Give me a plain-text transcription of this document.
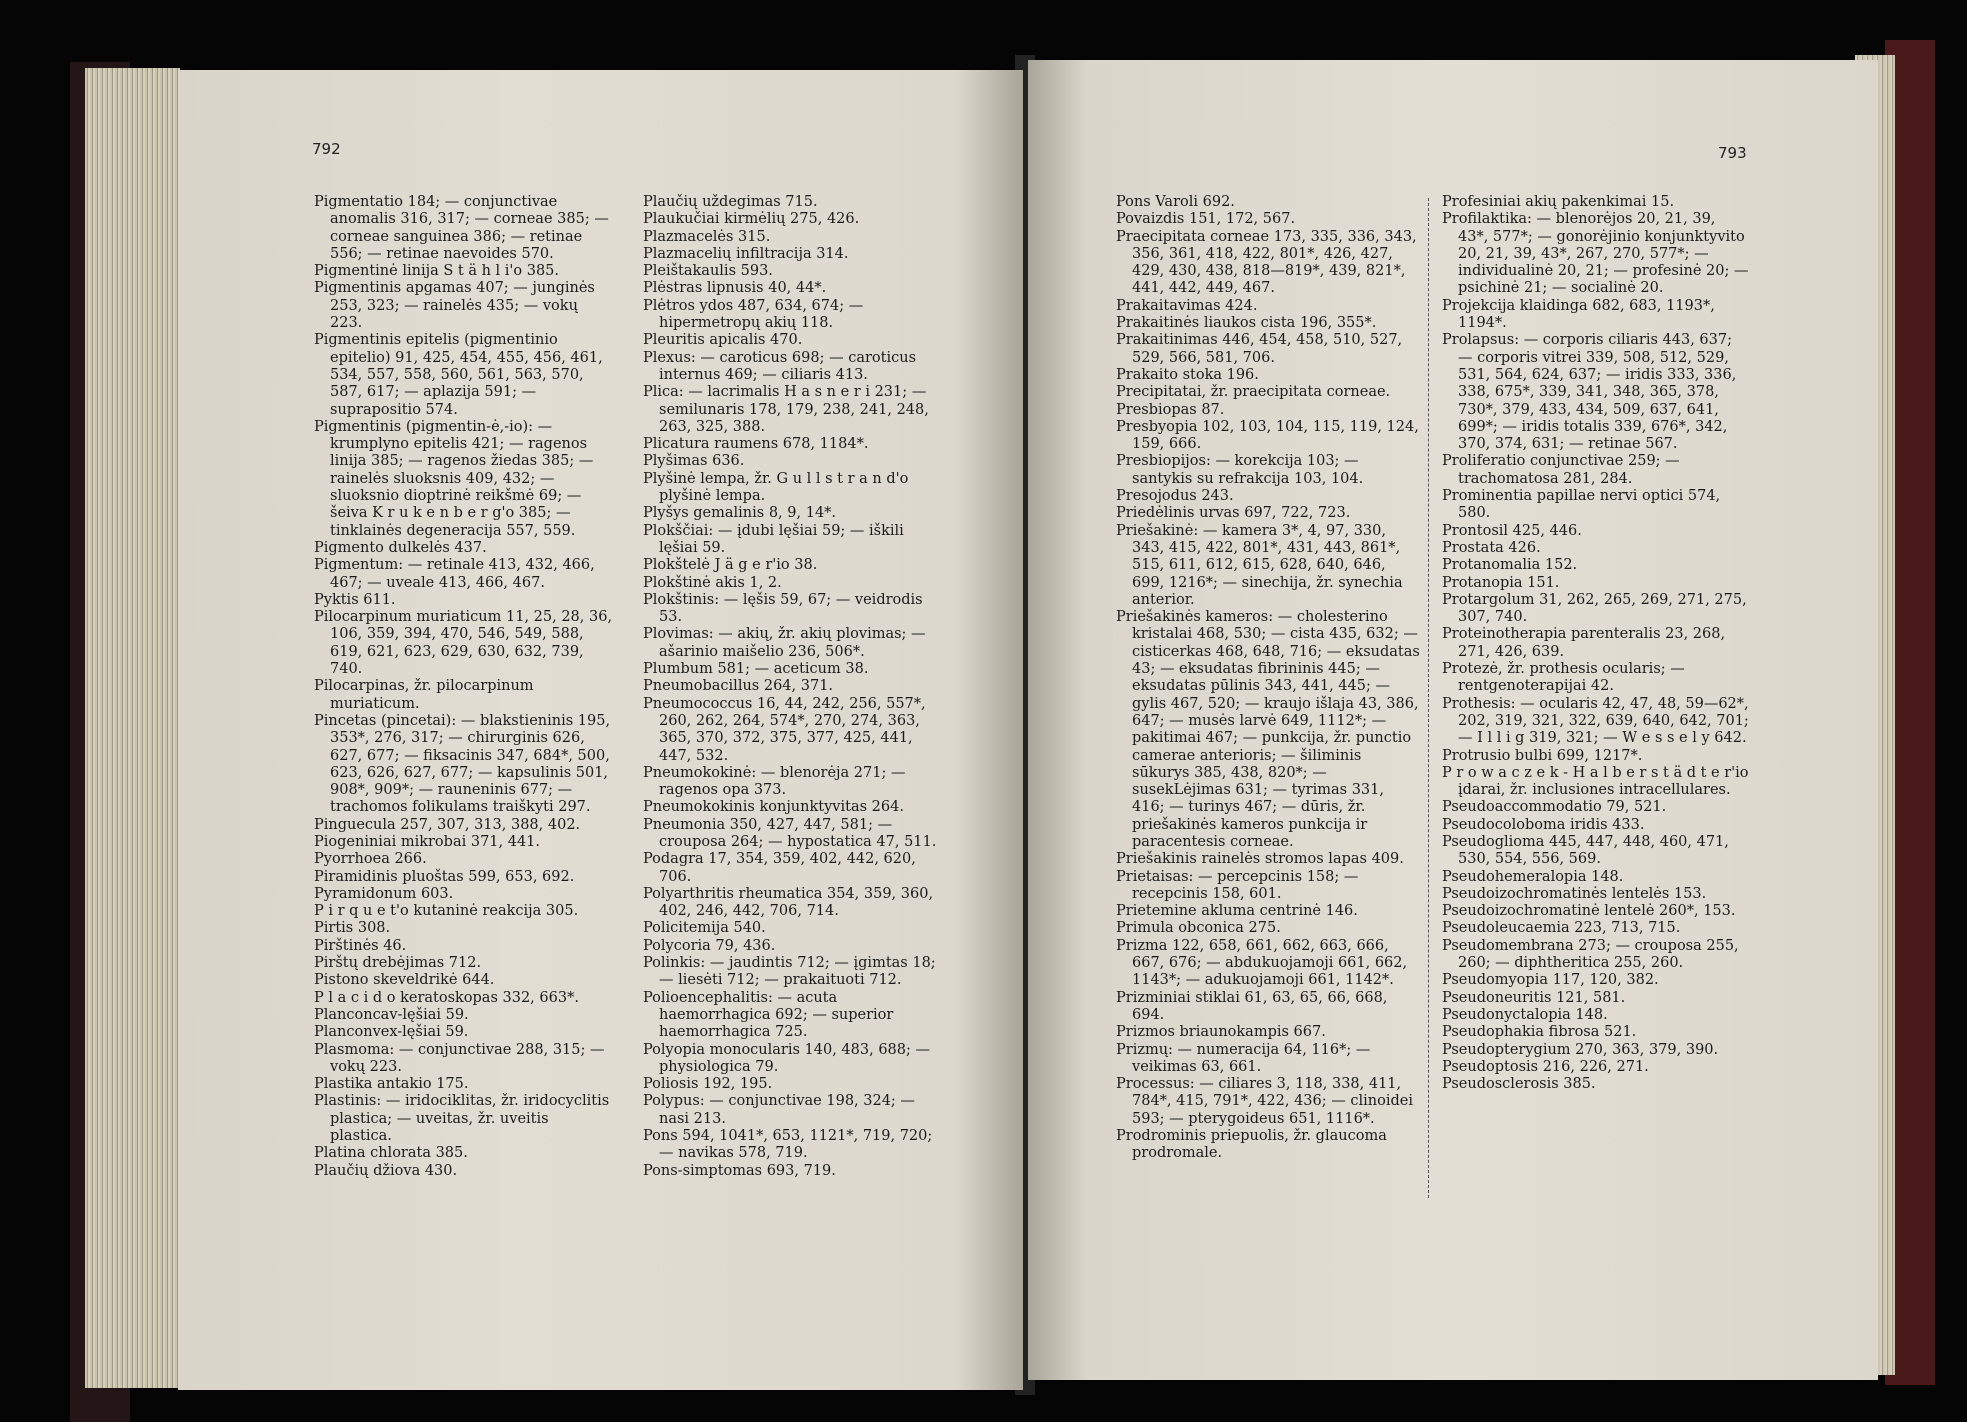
792	793
Pigmentatio 184; — conjunctivae anomalis 316, 317; — corneae 385; — corneae sanguinea 386; — retinae 556; — retinae naevoides 570.
Pigmentinė linija S t ä h l i'o 385.
Pigmentinis apgamas 407; — junginės 253, 323; — rainelės 435; — vokų 223.
Pigmentinis epitelis (pigmentinio epitelio) 91, 425, 454, 455, 456, 461, 534, 557, 558, 560, 561, 563, 570, 587, 617; — aplazija 591; — suprapositio 574.
Pigmentinis (pigmentin-ė,-io): — krumplyno epitelis 421; — ragenos linija 385; — ragenos žiedas 385; — rainelės sluoksnis 409, 432; — sluoksnio dioptrinė reikšmė 69; — šeiva K r u k e n b e r g'o 385; — tinklainės degeneracija 557, 559.
Pigmento dulkelės 437.
Pigmentum: — retinale 413, 432, 466, 467; — uveale 413, 466, 467.
Pyktis 611.
Pilocarpinum muriaticum 11, 25, 28, 36, 106, 359, 394, 470, 546, 549, 588, 619, 621, 623, 629, 630, 632, 739, 740.
Pilocarpinas, žr. pilocarpinum muriaticum.
Pincetas (pincetai): — blakstieninis 195, 353*, 276, 317; — chirurginis 626, 627, 677; — fiksacinis 347, 684*, 500, 623, 626, 627, 677; — kapsulinis 501, 908*, 909*; — rauneninis 677; — trachomos folikulams traiškyti 297.
Pinguecula 257, 307, 313, 388, 402.
Piogeniniai mikrobai 371, 441.
Pyorrhoea 266.
Piramidinis pluoštas 599, 653, 692.
Pyramidonum 603.
P i r q u e t'o kutaninė reakcija 305.
Pirtis 308.
Pirštinės 46.
Pirštų drebėjimas 712.
Pistono skeveldrikė 644.
P l a c i d o keratoskopas 332, 663*.
Planconcav-lęšiai 59.
Planconvex-lęšiai 59.
Plasmoma: — conjunctivae 288, 315; — vokų 223.
Plastika antakio 175.
Plastinis: — iridociklitas, žr. iridocyclitis plastica; — uveitas, žr. uveitis plastica.
Platina chlorata 385.
Plaučių džiova 430.
Plaučių uždegimas 715.
Plaukučiai kirmėlių 275, 426.
Plazmacelės 315.
Plazmacelių infiltracija 314.
Pleištakaulis 593.
Plėstras lipnusis 40, 44*.
Plėtros ydos 487, 634, 674; — hipermetropų akių 118.
Pleuritis apicalis 470.
Plexus: — caroticus 698; — caroticus internus 469; — ciliaris 413.
Plica: — lacrimalis H a s n e r i 231; — semilunaris 178, 179, 238, 241, 248, 263, 325, 388.
Plicatura raumens 678, 1184*.
Plyšimas 636.
Plyšinė lempa, žr. G u l l s t r a n d'o plyšinė lempa.
Plyšys gemalinis 8, 9, 14*.
Plokščiai: — įdubi lęšiai 59; — iškili lęšiai 59.
Plokštelė J ä g e r'io 38.
Plokštinė akis 1, 2.
Plokštinis: — lęšis 59, 67; — veidrodis 53.
Plovimas: — akių, žr. akių plovimas; — ašarinio maišelio 236, 506*.
Plumbum 581; — aceticum 38.
Pneumobacillus 264, 371.
Pneumococcus 16, 44, 242, 256, 557*, 260, 262, 264, 574*, 270, 274, 363, 365, 370, 372, 375, 377, 425, 441, 447, 532.
Pneumokokinė: — blenorėja 271; — ragenos opa 373.
Pneumokokinis konjunktyvitas 264.
Pneumonia 350, 427, 447, 581; — crouposa 264; — hypostatica 47, 511.
Podagra 17, 354, 359, 402, 442, 620, 706.
Polyarthritis rheumatica 354, 359, 360, 402, 246, 442, 706, 714.
Policitemija 540.
Polycoria 79, 436.
Polinkis: — jaudintis 712; — įgimtas 18; — liesėti 712; — prakaituoti 712.
Polioencephalitis: — acuta haemorrhagica 692; — superior haemorrhagica 725.
Polyopia monocularis 140, 483, 688; — physiologica 79.
Poliosis 192, 195.
Polypus: — conjunctivae 198, 324; — nasi 213.
Pons 594, 1041*, 653, 1121*, 719, 720; — navikas 578, 719.
Pons-simptomas 693, 719.
Pons Varoli 692.
Povaizdis 151, 172, 567.
Praecipitata corneae 173, 335, 336, 343, 356, 361, 418, 422, 801*, 426, 427, 429, 430, 438, 818—819*, 439, 821*, 441, 442, 449, 467.
Prakaitavimas 424.
Prakaitinės liaukos cista 196, 355*.
Prakaitinimas 446, 454, 458, 510, 527, 529, 566, 581, 706.
Prakaito stoka 196.
Precipitatai, žr. praecipitata corneae.
Presbiopas 87.
Presbyopia 102, 103, 104, 115, 119, 124, 159, 666.
Presbiopijos: — korekcija 103; — santykis su refrakcija 103, 104.
Presojodus 243.
Priedėlinis urvas 697, 722, 723.
Priešakinė: — kamera 3*, 4, 97, 330, 343, 415, 422, 801*, 431, 443, 861*, 515, 611, 612, 615, 628, 640, 646, 699, 1216*; — sinechija, žr. synechia anterior.
Priešakinės kameros: — cholesterino kristalai 468, 530; — cista 435, 632; — cisticerkas 468, 648, 716; — eksudatas 43; — eksudatas fibrininis 445; — eksudatas pūlinis 343, 441, 445; — gylis 467, 520; — kraujo išlaja 43, 386, 647; — musės larvė 649, 1112*; — pakitimai 467; — punkcija, žr. punctio camerae anterioris; — šiliminis sūkurys 385, 438, 820*; — susekLėjimas 631; — tyrimas 331, 416; — turinys 467; — dūris, žr. priešakinės kameros punkcija ir paracentesis corneae.
Priešakinis rainelės stromos lapas 409.
Prietaisas: — percepcinis 158; — recepcinis 158, 601.
Prietemine akluma centrinė 146.
Primula obconica 275.
Prizma 122, 658, 661, 662, 663, 666, 667, 676; — abdukuojamoji 661, 662, 1143*; — adukuojamoji 661, 1142*.
Prizminiai stiklai 61, 63, 65, 66, 668, 694.
Prizmos briaunokampis 667.
Prizmų: — numeracija 64, 116*; — veikimas 63, 661.
Processus: — ciliares 3, 118, 338, 411, 784*, 415, 791*, 422, 436; — clinoidei 593; — pterygoideus 651, 1116*.
Prodrominis priepuolis, žr. glaucoma prodromale.
Profesiniai akių pakenkimai 15.
Profilaktika: — blenorėjos 20, 21, 39, 43*, 577*; — gonorėjinio konjunktyvito 20, 21, 39, 43*, 267, 270, 577*; — individualinė 20, 21; — profesinė 20; — psichinė 21; — socialinė 20.
Projekcija klaidinga 682, 683, 1193*, 1194*.
Prolapsus: — corporis ciliaris 443, 637; — corporis vitrei 339, 508, 512, 529, 531, 564, 624, 637; — iridis 333, 336, 338, 675*, 339, 341, 348, 365, 378, 730*, 379, 433, 434, 509, 637, 641, 699*; — iridis totalis 339, 676*, 342, 370, 374, 631; — retinae 567.
Proliferatio conjunctivae 259; — trachomatosa 281, 284.
Prominentia papillae nervi optici 574, 580.
Prontosil 425, 446.
Prostata 426.
Protanomalia 152.
Protanopia 151.
Protargolum 31, 262, 265, 269, 271, 275, 307, 740.
Proteinotherapia parenteralis 23, 268, 271, 426, 639.
Protezė, žr. prothesis ocularis; — rentgenoterapijai 42.
Prothesis: — ocularis 42, 47, 48, 59—62*, 202, 319, 321, 322, 639, 640, 642, 701; — I l l i g 319, 321; — W e s s e l y 642.
Protrusio bulbi 699, 1217*.
P r o w a c z e k - H a l b e r s t ä d t e r'io įdarai, žr. inclusiones intracellulares.
Pseudoaccommodatio 79, 521.
Pseudocoloboma iridis 433.
Pseudoglioma 445, 447, 448, 460, 471, 530, 554, 556, 569.
Pseudohemeralopia 148.
Pseudoizochromatinės lentelės 153.
Pseudoizochromatinė lentelė 260*, 153.
Pseudoleucaemia 223, 713, 715.
Pseudomembrana 273; — crouposa 255, 260; — diphtheritica 255, 260.
Pseudomyopia 117, 120, 382.
Pseudoneuritis 121, 581.
Pseudonyctalopia 148.
Pseudophakia fibrosa 521.
Pseudopterygium 270, 363, 379, 390.
Pseudoptosis 216, 226, 271.
Pseudosclerosis 385.
